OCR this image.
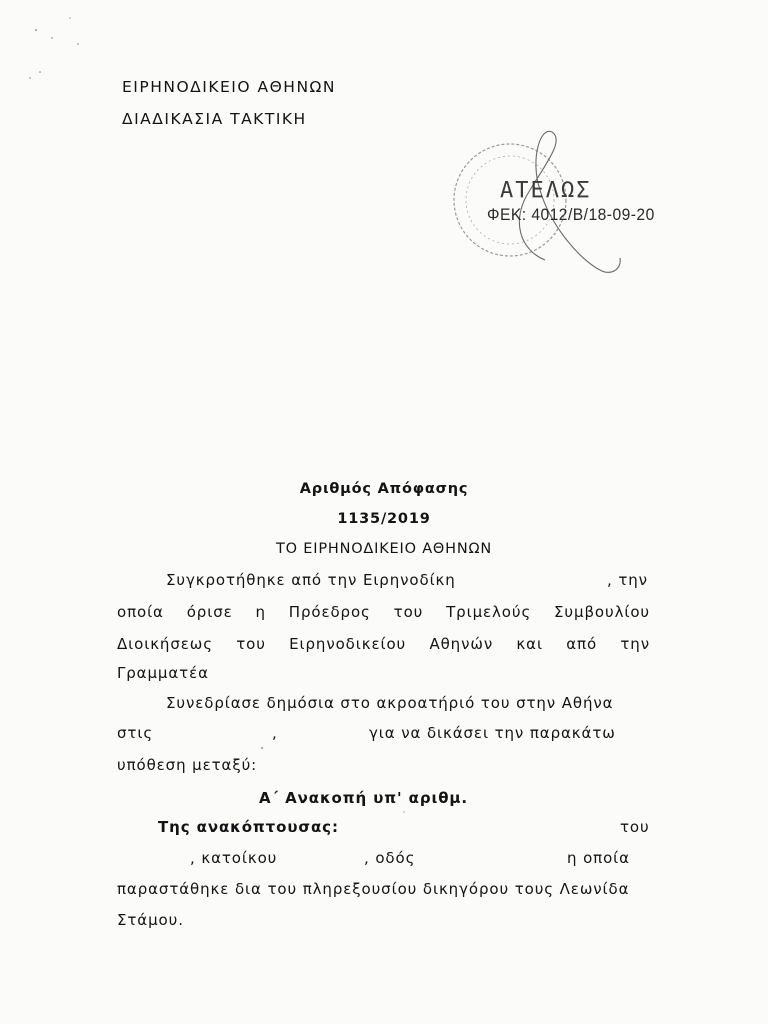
ΕΙΡΗΝΟΔΙΚΕΙΟ ΑΘΗΝΩΝ
ΔΙΑΔΙΚΑΣΙΑ ΤΑΚΤΙΚΗ
ΑΤΕΛΩΣ
ΦΕΚ: 4012/Β/18-09-20
Αριθμός Απόφασης
1135/2019
ΤΟ ΕΙΡΗΝΟΔΙΚΕΙΟ ΑΘΗΝΩΝ
Συγκροτήθηκε από την Ειρηνοδίκη	, την
οποία όρισε η Πρόεδρος του Τριμελούς Συμβουλίου
Διοικήσεως του Ειρηνοδικείου Αθηνών και από την
Γραμματέα
Συνεδρίασε δημόσια στο ακροατήριό του στην Αθήνα
στις	,	για να δικάσει την παρακάτω
υπόθεση μεταξύ:
Α΄ Ανακοπή υπ' αριθμ.
Της ανακόπτουσας:	του
, κατοίκου	, οδός	η οποία
παραστάθηκε δια του πληρεξουσίου δικηγόρου τους Λεωνίδα
Στάμου.
